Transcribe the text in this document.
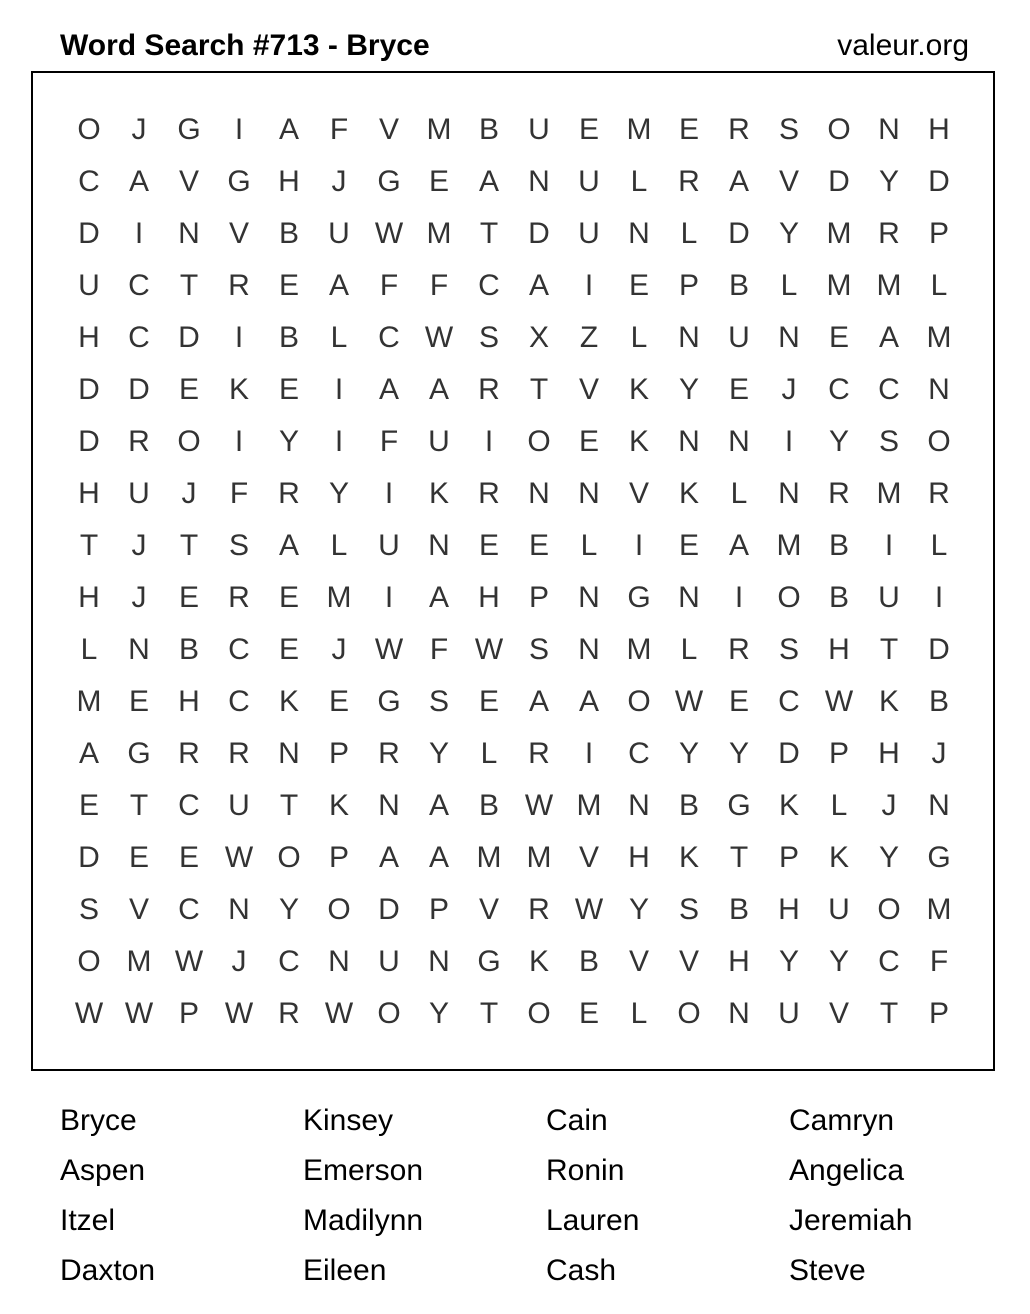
Word Search #713 - Bryce	valeur.org
O	J	G	I	A	F	V M B U E M E R S O N H
C A V G H	J	G E A N U	L	R A V D Y D
D	I	N V B U W M T	D U N	L	D Y M R P
U C	T	R E A	F	F	C A	I	E P B	L M M L
H C D	I	B	L	C W S X	Z	L	N U N E A M
D D E K E	I	A A R	T	V K Y E	J	C C N
D R O	I	Y	I	F	U	I	O E K N N	I	Y S O
H U	J	F	R Y	I	K R N N V K	L	N R M R
T	J	T	S A	L	U N E E	L	I	E A M B	I	L
H	J	E R E M	I	A H P N G N	I	O B U	I
L	N B C E	J W F W S N M L	R S H	T	D
M E H C K E G S E A A O W E C W K B
A G R R N P R Y	L	R	I	C Y Y D P H	J
E	T	C U	T	K N A B W M N B G K	L	J	N
D E E W O P A A M M V H K	T	P K Y G
S V C N Y O D P V R W Y S B H U O M
O M W J	C N U N G K B V V H Y Y C	F
W W P W R W O Y	T O E	L O N U V	T	P
Bryce	Kinsey	Cain	Camryn
Aspen	Emerson	Ronin	Angelica
Itzel	Madilynn	Lauren	Jeremiah
Daxton	Eileen	Cash	Steve
